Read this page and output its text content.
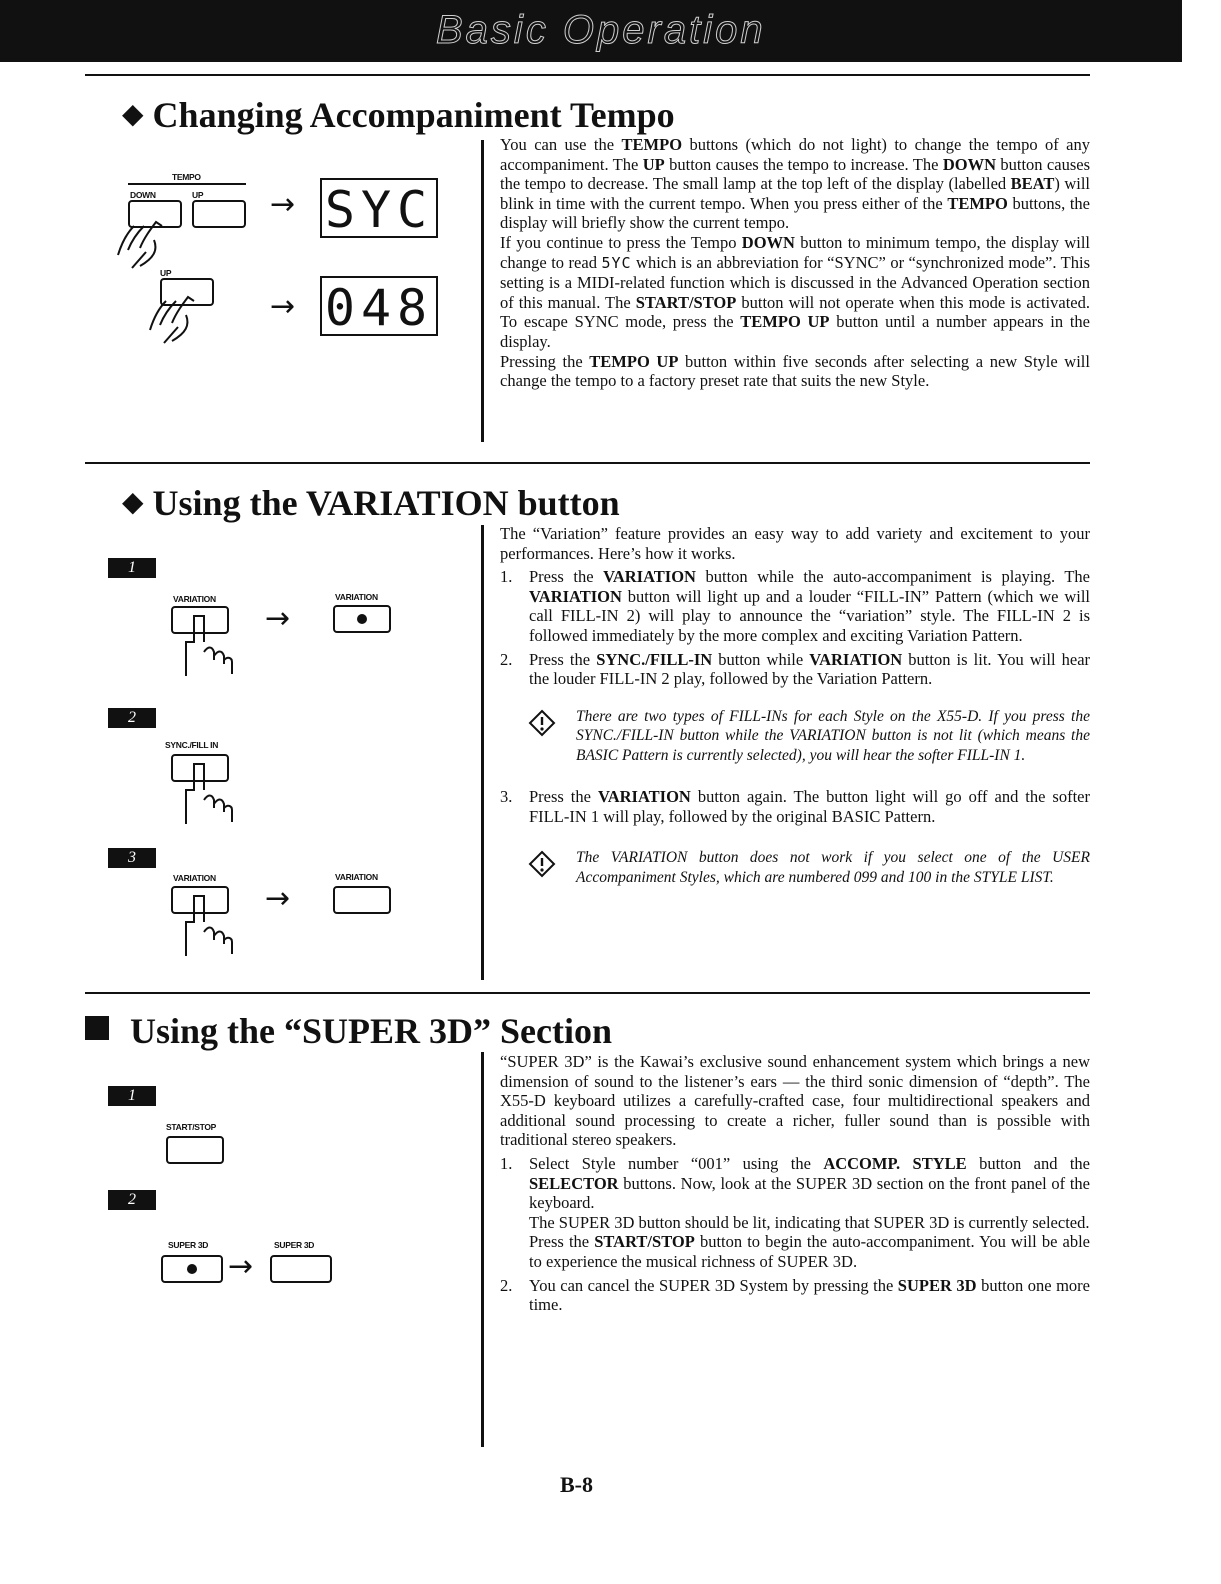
Basic Operation
◆ Changing Accompaniment Tempo
TEMPO
DOWN	UP → SYC
UP
→ 048

You can use the TEMPO buttons (which do not light) to change the tempo of any accompaniment. The UP button causes the tempo to increase. The DOWN button causes the tempo to decrease. The small lamp at the top left of the display (labelled BEAT) will blink in time with the current tempo. When you press either of the TEMPO buttons, the display will briefly show the current tempo.

If you continue to press the Tempo DOWN button to minimum tempo, the display will change to read 5YC which is an abbreviation for “SYNC” or “synchronized mode”. This setting is a MIDI-related function which is discussed in the Advanced Operation section of this manual. The START/STOP button will not operate when this mode is activated. To escape SYNC mode, press the TEMPO UP button until a number appears in the display.

Pressing the TEMPO UP button within five seconds after selecting a new Style will change the tempo to a factory preset rate that suits the new Style.

◆ Using the VARIATION button
1
VARIATION
→
VARIATION
2
SYNC./FILL IN
3
VARIATION
→
VARIATION

The “Variation” feature provides an easy way to add variety and excitement to your performances. Here’s how it works.

1. Press the VARIATION button while the auto-accompaniment is playing. The VARIATION button will light up and a louder “FILL-IN” Pattern (which we will call FILL-IN 2) will play to announce the “variation” style. The FILL-IN 2 is followed immediately by the more complex and exciting Variation Pattern.
2. Press the SYNC./FILL-IN button while VARIATION button is lit. You will hear the louder FILL-IN 2 play, followed by the Variation Pattern.
There are two types of FILL-INs for each Style on the X55-D. If you press the SYNC./FILL-IN button while the VARIATION button is not lit (which means the BASIC Pattern is currently selected), you will hear the softer FILL-IN 1.
3. Press the VARIATION button again. The button light will go off and the softer FILL-IN 1 will play, followed by the original BASIC Pattern.
The VARIATION button does not work if you select one of the USER Accompaniment Styles, which are numbered 099 and 100 in the STYLE LIST.
Using the “SUPER 3D” Section
1
START/STOP
2
SUPER 3D
→
SUPER 3D

“SUPER 3D” is the Kawai’s exclusive sound enhancement system which brings a new dimension of sound to the listener’s ears — the third sonic dimension of “depth”. The X55-D keyboard utilizes a carefully-crafted case, four multidirectional speakers and additional sound processing to create a richer, fuller sound than is possible with traditional stereo speakers.

1. Select Style number “001” using the ACCOMP. STYLE button and the SELECTOR buttons. Now, look at the SUPER 3D section on the front panel of the keyboard.
The SUPER 3D button should be lit, indicating that SUPER 3D is currently selected.
Press the START/STOP button to begin the auto-accompaniment. You will be able to experience the musical richness of SUPER 3D.
2. You can cancel the SUPER 3D System by pressing the SUPER 3D button one more time.
B-8
